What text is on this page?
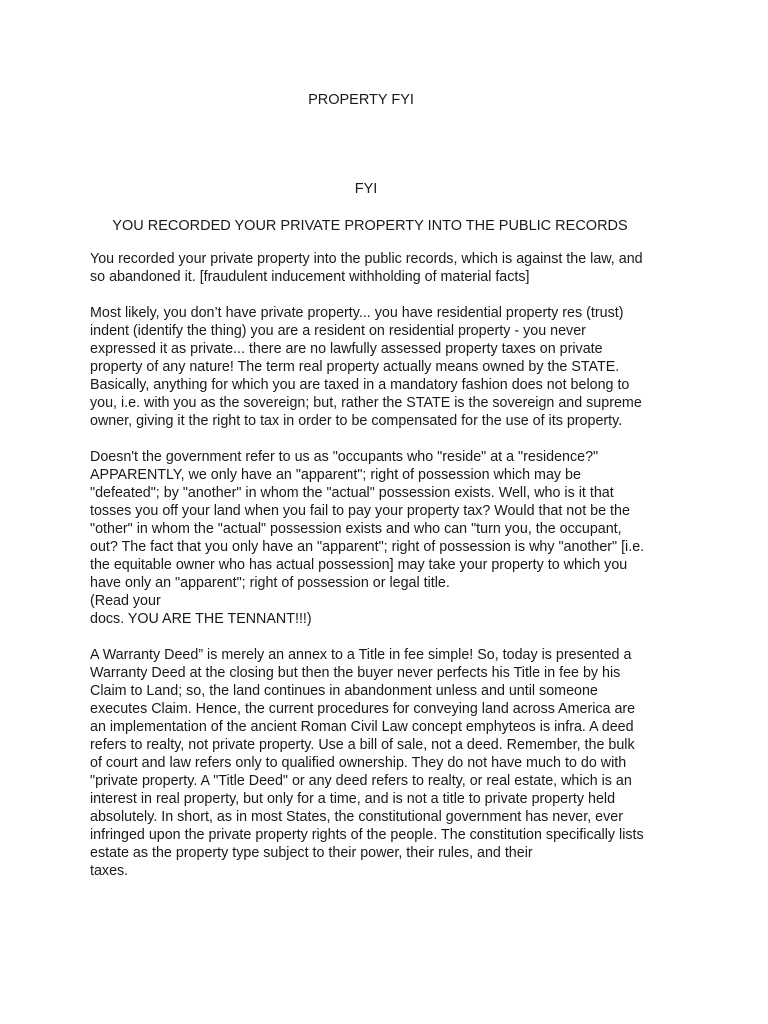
PROPERTY FYI
FYI
YOU RECORDED YOUR PRIVATE PROPERTY INTO THE PUBLIC RECORDS

You recorded your private property into the public records, which is against the law, and so abandoned it. [fraudulent inducement withholding of material facts]

Most likely, you don’t have private property... you have residential property res (trust) indent (identify the thing) you are a resident on residential property - you never expressed it as private... there are no lawfully assessed property taxes on private property of any nature! The term real property actually means owned by the STATE. Basically, anything for which you are taxed in a mandatory fashion does not belong to you, i.e. with you as the sovereign; but, rather the STATE is the sovereign and supreme owner, giving it the right to tax in order to be compensated for the use of its property.

Doesn't the government refer to us as "occupants who "reside" at a "residence?" APPARENTLY, we only have an "apparent"; right of possession which may be "defeated"; by "another" in whom the "actual" possession exists. Well, who is it that tosses you off your land when you fail to pay your property tax? Would that not be the "other" in whom the "actual" possession exists and who can "turn you, the occupant, out? The fact that you only have an "apparent"; right of possession is why "another" [i.e. the equitable owner who has actual possession] may take your property to which you have only an "apparent"; right of possession or legal title.
(Read your
docs. YOU ARE THE TENNANT!!!)

A Warranty Deed” is merely an annex to a Title in fee simple! So, today is presented a Warranty Deed at the closing but then the buyer never perfects his Title in fee by his Claim to Land; so, the land continues in abandonment unless and until someone executes Claim. Hence, the current procedures for conveying land across America are an implementation of the ancient Roman Civil Law concept emphyteos is infra. A deed refers to realty, not private property. Use a bill of sale, not a deed. Remember, the bulk of court and law refers only to qualified ownership. They do not have much to do with "private property. A "Title Deed" or any deed refers to realty, or real estate, which is an interest in real property, but only for a time, and is not a title to private property held absolutely. In short, as in most States, the constitutional government has never, ever infringed upon the private property rights of the people. The constitution specifically lists estate as the property type subject to their power, their rules, and their
taxes.
